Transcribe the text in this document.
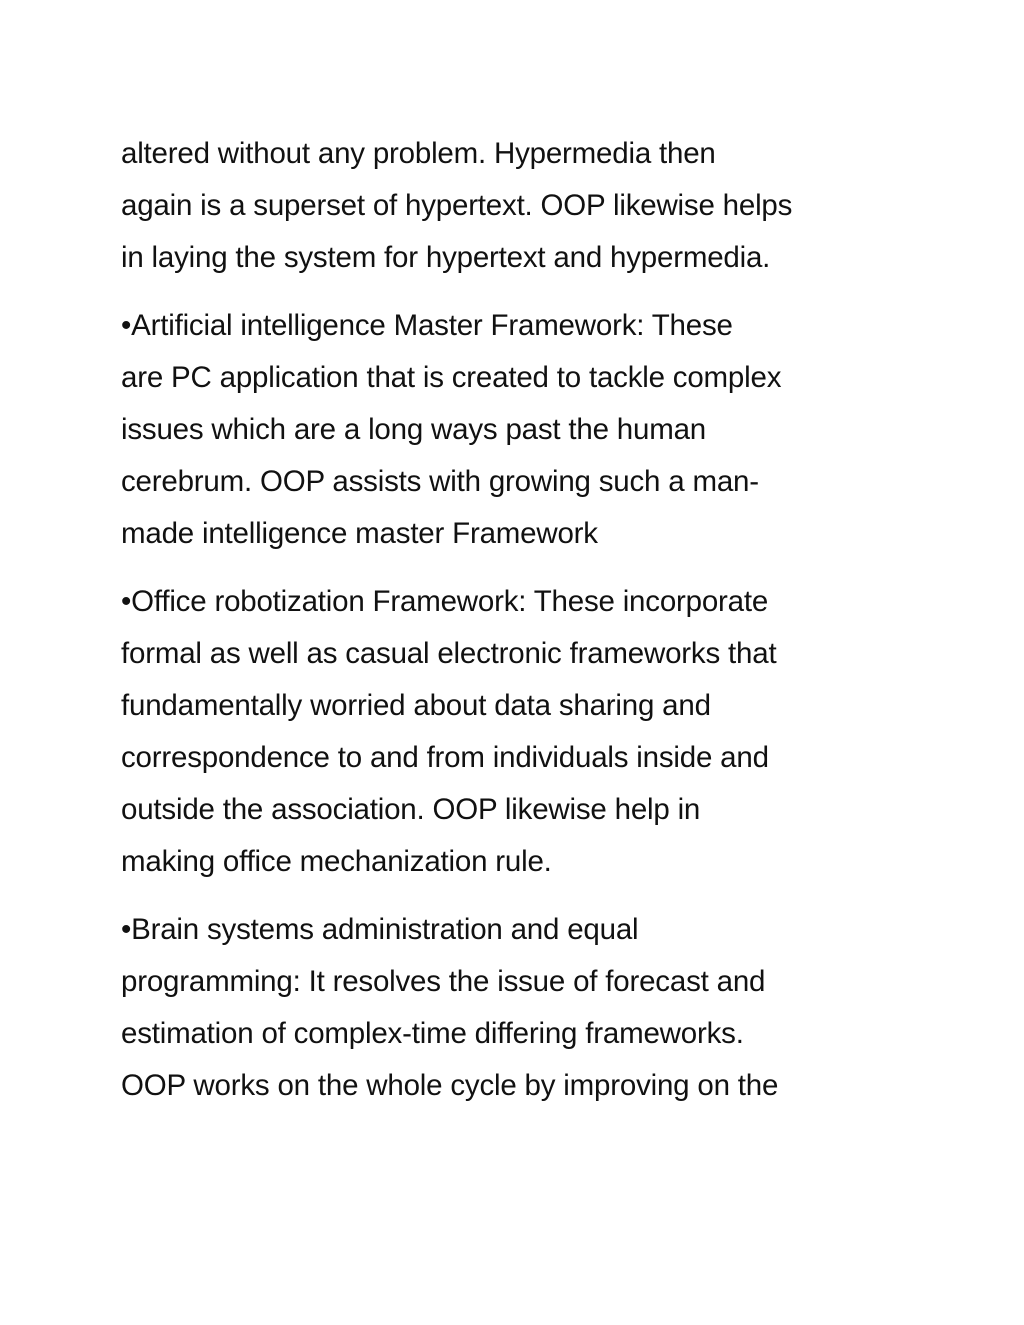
altered without any problem. Hypermedia then
again is a superset of hypertext. OOP likewise helps
in laying the system for hypertext and hypermedia.

•Artificial intelligence Master Framework: These
are PC application that is created to tackle complex
issues which are a long ways past the human
cerebrum. OOP assists with growing such a man-
made intelligence master Framework

•Office robotization Framework: These incorporate
formal as well as casual electronic frameworks that
fundamentally worried about data sharing and
correspondence to and from individuals inside and
outside the association. OOP likewise help in
making office mechanization rule.

•Brain systems administration and equal
programming: It resolves the issue of forecast and
estimation of complex-time differing frameworks.
OOP works on the whole cycle by improving on the
